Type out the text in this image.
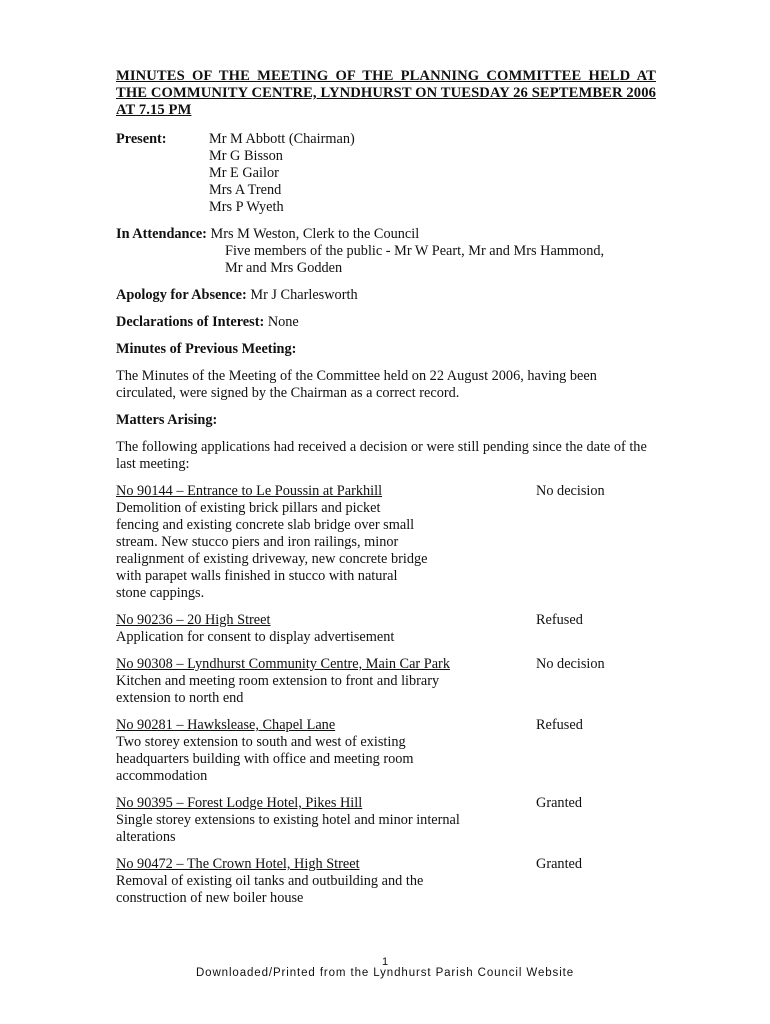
MINUTES OF THE MEETING OF THE PLANNING COMMITTEE HELD AT THE COMMUNITY CENTRE, LYNDHURST ON TUESDAY 26 SEPTEMBER 2006 AT 7.15 PM
Present:	Mr M Abbott (Chairman)
Mr G Bisson
Mr E Gailor
Mrs A Trend
Mrs P Wyeth
In Attendance: Mrs M Weston, Clerk to the Council
Five members of the public - Mr W Peart, Mr and Mrs Hammond,
Mr and Mrs Godden
Apology for Absence: Mr J Charlesworth
Declarations of Interest: None
Minutes of Previous Meeting:
The Minutes of the Meeting of the Committee held on 22 August 2006, having been circulated, were signed by the Chairman as a correct record.
Matters Arising:
The following applications had received a decision or were still pending since the date of the last meeting:
No 90144 – Entrance to Le Poussin at Parkhill
Demolition of existing brick pillars and picket
fencing and existing concrete slab bridge over small
stream. New stucco piers and iron railings, minor
realignment of existing driveway, new concrete bridge
with parapet walls finished in stucco with natural
stone cappings.
No decision
No 90236 – 20 High Street
Application for consent to display advertisement
Refused
No 90308 – Lyndhurst Community Centre, Main Car Park
Kitchen and meeting room extension to front and library
extension to north end
No decision
No 90281 – Hawkslease, Chapel Lane
Two storey extension to south and west of existing
headquarters building with office and meeting room
accommodation
Refused
No 90395 – Forest Lodge Hotel, Pikes Hill
Single storey extensions to existing hotel and minor internal
alterations
Granted
No 90472 – The Crown Hotel, High Street
Removal of existing oil tanks and outbuilding and the
construction of new boiler house
Granted
1
Downloaded/Printed from the Lyndhurst Parish Council Website
